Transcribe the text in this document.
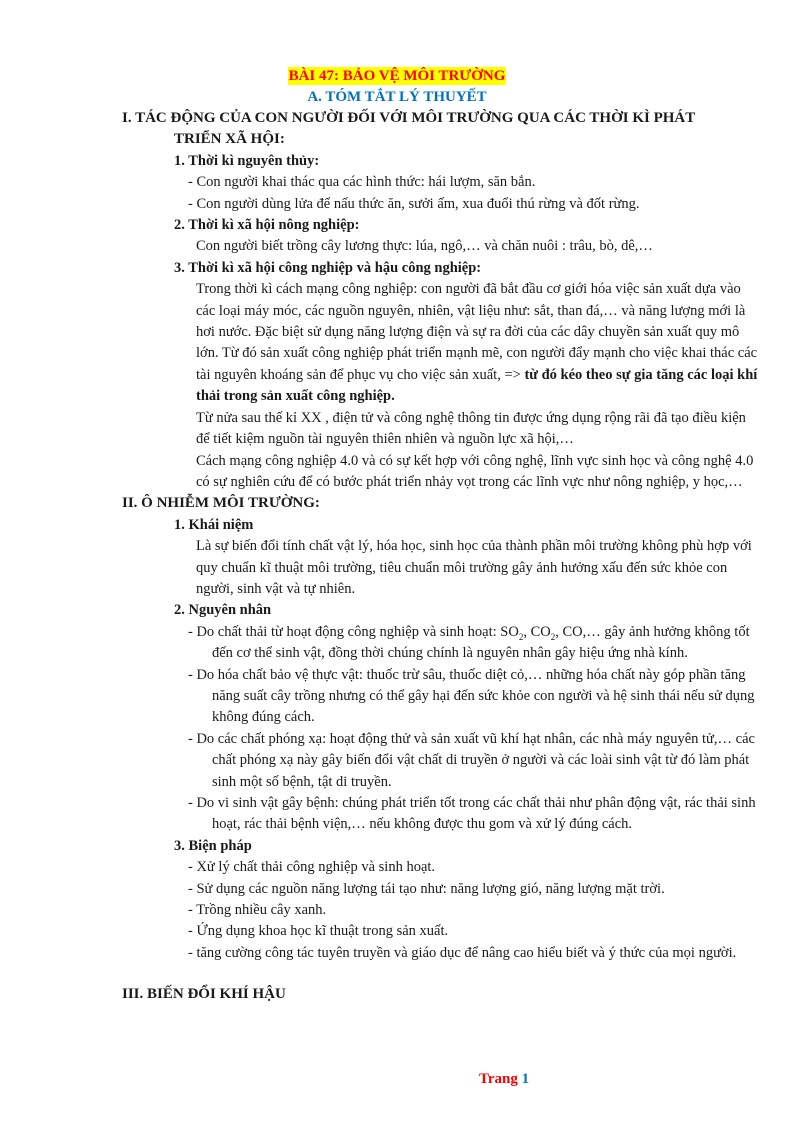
BÀI 47: BẢO VỆ MÔI TRƯỜNG
A. TÓM TẮT LÝ THUYẾT
I. TÁC ĐỘNG CỦA CON NGƯỜI ĐỐI VỚI MÔI TRƯỜNG QUA CÁC THỜI KÌ PHÁT
TRIỂN XÃ HỘI:
1. Thời kì nguyên thủy:
- Con người khai thác qua các hình thức: hái lượm, săn bắn.
- Con người dùng lửa để nấu thức ăn, sưởi ấm, xua đuổi thú rừng và đốt rừng.
2. Thời kì xã hội nông nghiệp:
Con người biết trồng cây lương thực: lúa, ngô,… và chăn nuôi : trâu, bò, dê,…
3. Thời kì xã hội công nghiệp và hậu công nghiệp:
Trong thời kì cách mạng công nghiệp: con người đã bắt đầu cơ giới hóa việc sản xuất dựa vào các loại máy móc, các nguồn nguyên, nhiên, vật liệu như: sắt, than đá,… và năng lượng mới là hơi nước. Đặc biệt sử dụng năng lượng điện và sự ra đời của các dây chuyền sản xuất quy mô lớn. Từ đó sản xuất công nghiệp phát triển mạnh mẽ, con người đẩy mạnh cho việc khai thác các tài nguyên khoáng sản để phục vụ cho việc sản xuất, => từ đó kéo theo sự gia tăng các loại khí thải trong sản xuất công nghiệp.
Từ nửa sau thế kỉ XX , điện tử và công nghệ thông tin được ứng dụng rộng rãi đã tạo điều kiện để tiết kiệm nguồn tài nguyên thiên nhiên và nguồn lực xã hội,…
Cách mạng công nghiệp 4.0 và có sự kết hợp với công nghệ, lĩnh vực sinh học và công nghệ 4.0 có sự nghiên cứu để có bước phát triển nhảy vọt trong các lĩnh vực như nông nghiệp, y học,…
II. Ô NHIỄM MÔI TRƯỜNG:
1. Khái niệm
Là sự biến đổi tính chất vật lý, hóa học, sinh học của thành phần môi trường không phù hợp với quy chuẩn kĩ thuật môi trường, tiêu chuẩn môi trường gây ảnh hưởng xấu đến sức khỏe con người, sinh vật và tự nhiên.
2. Nguyên nhân
- Do chất thải từ hoạt động công nghiệp và sinh hoạt: $SO_2$, $CO_2$, CO,… gây ảnh hưởng không tốt đến cơ thể sinh vật, đồng thời chúng chính là nguyên nhân gây hiệu ứng nhà kính.
- Do hóa chất bảo vệ thực vật: thuốc trừ sâu, thuốc diệt cỏ,… những hóa chất này góp phần tăng năng suất cây trồng nhưng có thể gây hại đến sức khỏe con người và hệ sinh thái nếu sử dụng không đúng cách.
- Do các chất phóng xạ: hoạt động thử và sản xuất vũ khí hạt nhân, các nhà máy nguyên tử,… các chất phóng xạ này gây biến đổi vật chất di truyền ở người và các loài sinh vật từ đó làm phát sinh một số bệnh, tật di truyền.
- Do vi sinh vật gây bệnh: chúng phát triển tốt trong các chất thải như phân động vật, rác thải sinh hoạt, rác thải bệnh viện,… nếu không được thu gom và xử lý đúng cách.
3. Biện pháp
- Xử lý chất thải công nghiệp và sinh hoạt.
- Sử dụng các nguồn năng lượng tái tạo như: năng lượng gió, năng lượng mặt trời.
- Trồng nhiều cây xanh.
- Ứng dụng khoa học kĩ thuật trong sản xuất.
- tăng cường công tác tuyên truyền và giáo dục để nâng cao hiểu biết và ý thức của mọi người.
III. BIẾN ĐỔI KHÍ HẬU
Trang 1
